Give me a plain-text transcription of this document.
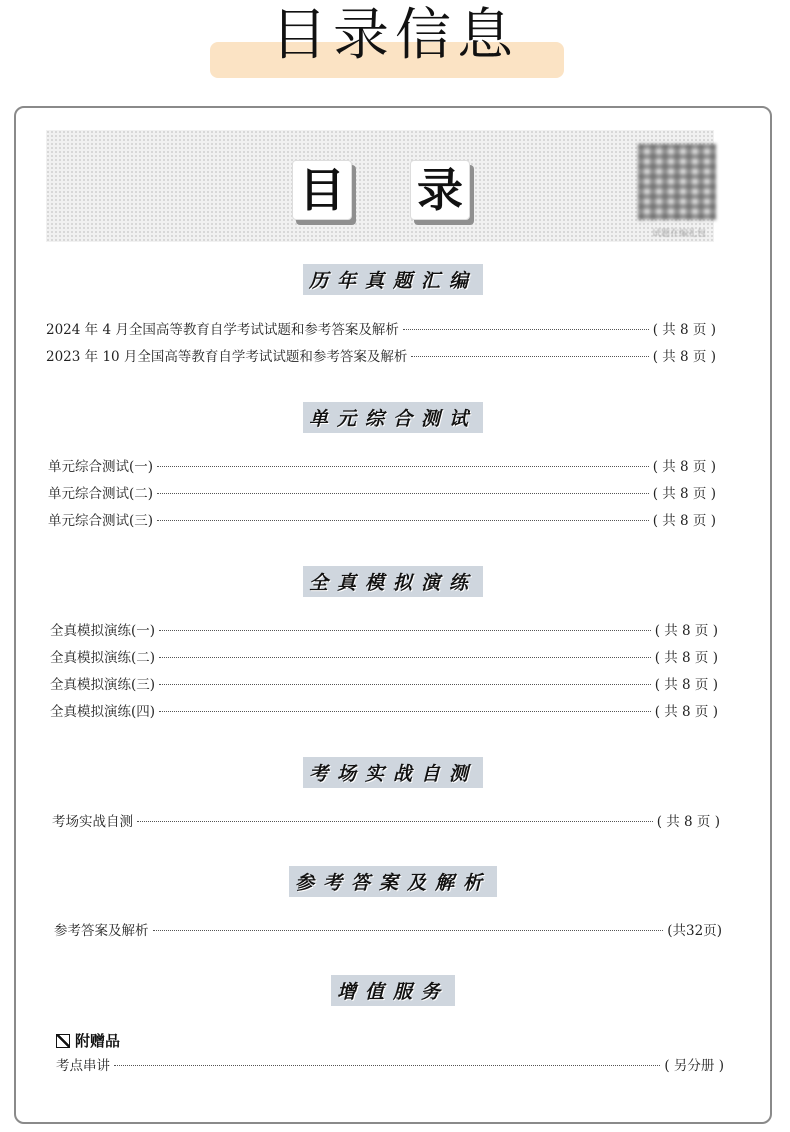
目录信息
目 录
试题在编礼包
历年真题汇编
2024 年 4 月全国高等教育自学考试试题和参考答案及解析	( 共 8 页 )
2023 年 10 月全国高等教育自学考试试题和参考答案及解析	( 共 8 页 )
单元综合测试
单元综合测试(一)	( 共 8 页 )
单元综合测试(二)	( 共 8 页 )
单元综合测试(三)	( 共 8 页 )
全真模拟演练
全真模拟演练(一)	( 共 8 页 )
全真模拟演练(二)	( 共 8 页 )
全真模拟演练(三)	( 共 8 页 )
全真模拟演练(四)	( 共 8 页 )
考场实战自测
考场实战自测	( 共 8 页 )
参考答案及解析
参考答案及解析	(共32页)
增值服务
附赠品
考点串讲	( 另分册 )
